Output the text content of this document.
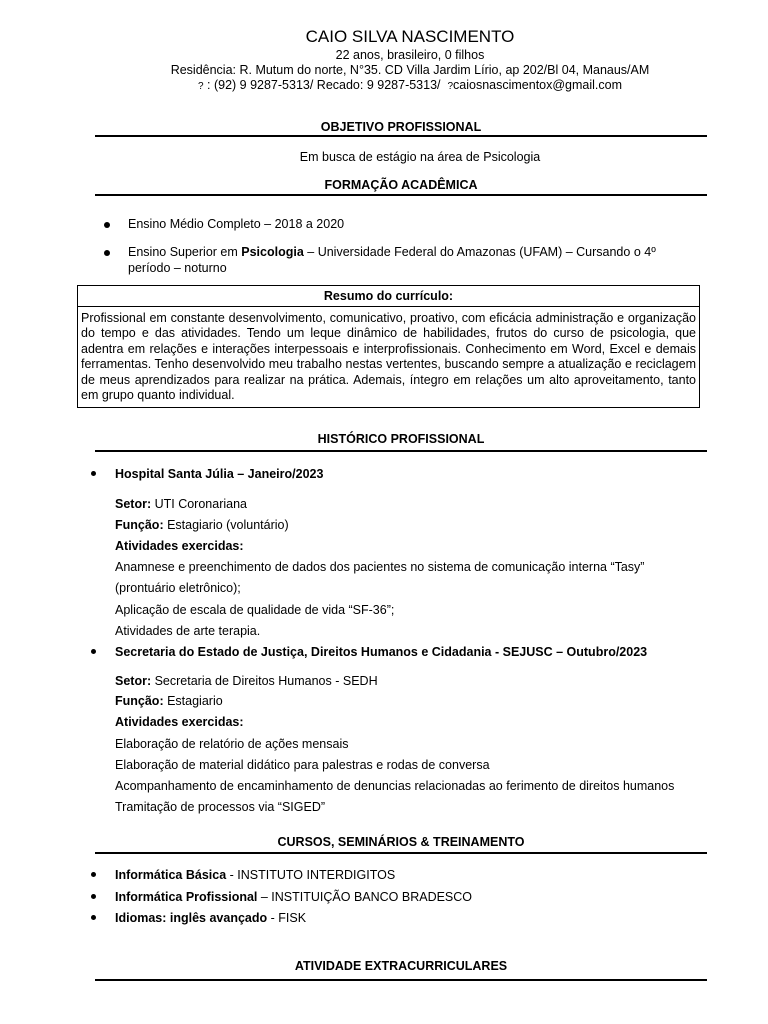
CAIO SILVA NASCIMENTO
22 anos, brasileiro, 0 filhos
Residência: R. Mutum do norte, N°35. CD Villa Jardim Lírio, ap 202/Bl 04, Manaus/AM
? : (92) 9 9287-5313/ Recado: 9 9287-5313/  ?caiosnascimentox@gmail.com
OBJETIVO PROFISSIONAL
Em busca de estágio na área de Psicologia
FORMAÇÃO ACADÊMICA
Ensino Médio Completo – 2018 a 2020
Ensino Superior em Psicologia – Universidade Federal do Amazonas (UFAM) – Cursando o 4º
período – noturno
Resumo do currículo:
Profissional em constante desenvolvimento, comunicativo, proativo, com eficácia administração e organização do tempo e das atividades. Tendo um leque dinâmico de habilidades, frutos do curso de psicologia, que adentra em relações e interações interpessoais e interprofissionais. Conhecimento em Word, Excel e demais ferramentas. Tenho desenvolvido meu trabalho nestas vertentes, buscando sempre a atualização e reciclagem de meus aprendizados para realizar na prática. Ademais, íntegro em relações um alto aproveitamento, tanto em grupo quanto individual.
HISTÓRICO PROFISSIONAL
Hospital Santa Júlia – Janeiro/2023
Setor: UTI Coronariana
Função: Estagiario (voluntário)
Atividades exercidas:
Anamnese e preenchimento de dados dos pacientes no sistema de comunicação interna “Tasy”
(prontuário eletrônico);
Aplicação de escala de qualidade de vida “SF-36”;
Atividades de arte terapia.
Secretaria do Estado de Justiça, Direitos Humanos e Cidadania - SEJUSC – Outubro/2023
Setor: Secretaria de Direitos Humanos - SEDH
Função: Estagiario
Atividades exercidas:
Elaboração de relatório de ações mensais
Elaboração de material didático para palestras e rodas de conversa
Acompanhamento de encaminhamento de denuncias relacionadas ao ferimento de direitos humanos
Tramitação de processos via “SIGED”
CURSOS, SEMINÁRIOS & TREINAMENTO
Informática Básica - INSTITUTO INTERDIGITOS
Informática Profissional – INSTITUIÇÃO BANCO BRADESCO
Idiomas: inglês avançado - FISK
ATIVIDADE EXTRACURRICULARES
